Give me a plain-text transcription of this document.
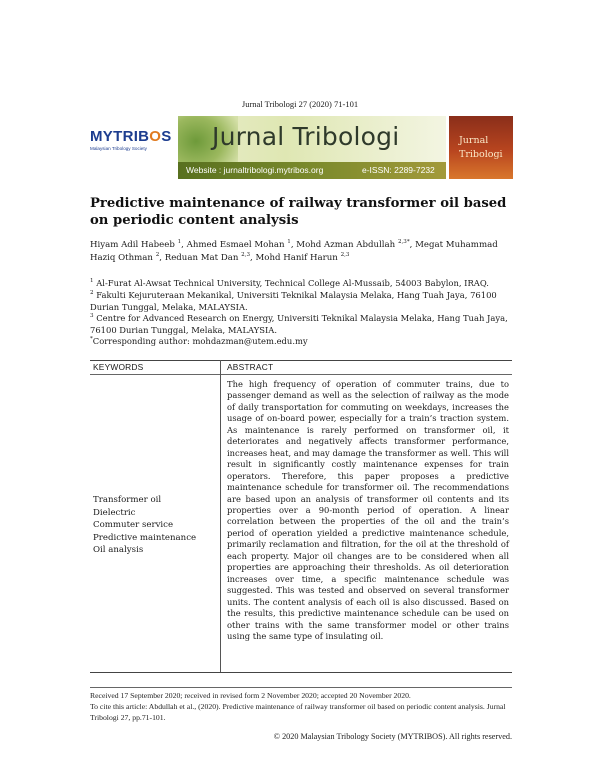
Jurnal Tribologi 27 (2020) 71-101
MYTRIBOS
Malaysian Tribology Society	Jurnal Tribologi
Website : jurnaltribologi.mytribos.org	e-ISSN: 2289-7232
Jurnal
Tribologi
Predictive maintenance of railway transformer oil based on periodic content analysis
Hiyam Adil Habeeb $^1$, Ahmed Esmael Mohan $^1$, Mohd Azman Abdullah $^{2,3*}$, Megat Muhammad Haziq Othman $^2$, Reduan Mat Dan $^{2,3}$, Mohd Hanif Harun $^{2,3}$
$^1$ Al-Furat Al-Awsat Technical University, Technical College Al-Mussaib, 54003 Babylon, IRAQ.
$^2$ Fakulti Kejuruteraan Mekanikal, Universiti Teknikal Malaysia Melaka, Hang Tuah Jaya, 76100 Durian Tunggal, Melaka, MALAYSIA.
$^3$ Centre for Advanced Research on Energy, Universiti Teknikal Malaysia Melaka, Hang Tuah Jaya, 76100 Durian Tunggal, Melaka, MALAYSIA.
*Corresponding author: mohdazman@utem.edu.my
KEYWORDS	ABSTRACT
Transformer oil
Dielectric
Commuter service
Predictive maintenance
Oil analysis
The high frequency of operation of commuter trains, due to passenger demand as well as the selection of railway as the mode of daily transportation for commuting on weekdays, increases the usage of on-board power, especially for a train’s traction system. As maintenance is rarely performed on transformer oil, it deteriorates and negatively affects transformer performance, increases heat, and may damage the transformer as well. This will result in significantly costly maintenance expenses for train operators. Therefore, this paper proposes a predictive maintenance schedule for transformer oil. The recommendations are based upon an analysis of transformer oil contents and its properties over a 90-month period of operation. A linear correlation between the properties of the oil and the train’s period of operation yielded a predictive maintenance schedule, primarily reclamation and filtration, for the oil at the threshold of each property. Major oil changes are to be considered when all properties are approaching their thresholds. As oil deterioration increases over time, a specific maintenance schedule was suggested. This was tested and observed on several transformer units. The content analysis of each oil is also discussed. Based on the results, this predictive maintenance schedule can be used on other trains with the same transformer model or other trains using the same type of insulating oil.
Received 17 September 2020; received in revised form 2 November 2020; accepted 20 November 2020.
To cite this article: Abdullah et al., (2020). Predictive maintenance of railway transformer oil based on periodic content analysis. Jurnal Tribologi 27, pp.71-101.
© 2020 Malaysian Tribology Society (MYTRIBOS). All rights reserved.
